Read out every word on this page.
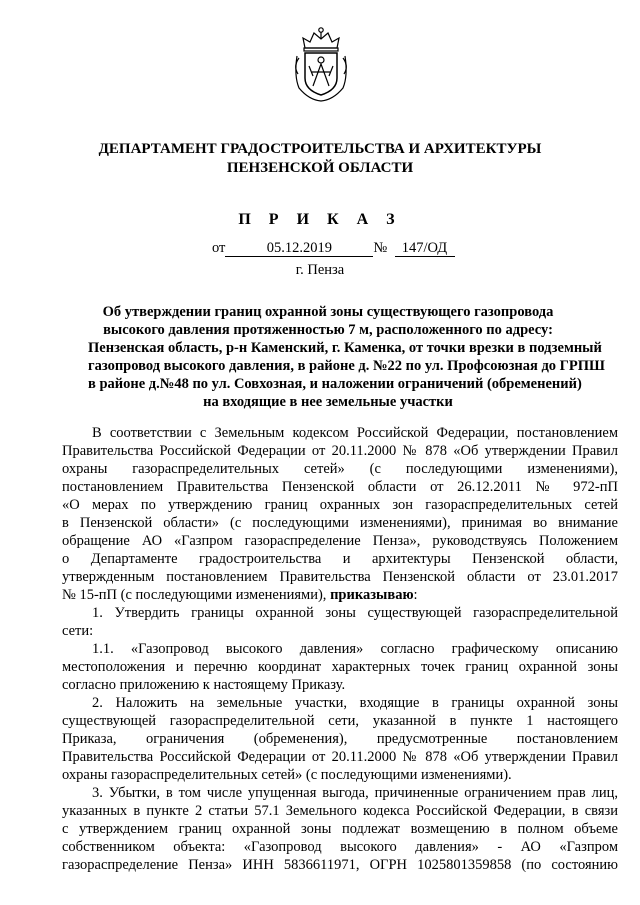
ДЕПАРТАМЕНТ ГРАДОСТРОИТЕЛЬСТВА И АРХИТЕКТУРЫ
ПЕНЗЕНСКОЙ ОБЛАСТИ
П Р И К А З
от	05.12.2019	№ 147/ОД
г. Пенза
Об утверждении границ охранной зоны существующего газопровода
высокого давления протяженностью 7 м, расположенного по адресу:
Пензенская область, р-н Каменский, г. Каменка, от точки врезки в подземный
газопровод высокого давления, в районе д. №22 по ул. Профсоюзная до ГРПШ
в районе д.№48 по ул. Совхозная, и наложении ограничений (обременений)
на входящие в нее земельные участки
В соответствии с Земельным кодексом Российской Федерации, постановлением
Правительства Российской Федерации от 20.11.2000 № 878 «Об утверждении Правил
охраны газораспределительных сетей» (с последующими изменениями),
постановлением Правительства Пензенской области от 26.12.2011 № 972-пП
«О мерах по утверждению границ охранных зон газораспределительных сетей
в Пензенской области» (с последующими изменениями), принимая во внимание
обращение АО «Газпром газораспределение Пенза», руководствуясь Положением
о Департаменте градостроительства и архитектуры Пензенской области,
утвержденным постановлением Правительства Пензенской области от 23.01.2017
№ 15-пП (с последующими изменениями), приказываю:
1. Утвердить границы охранной зоны существующей газораспределительной
сети:
1.1. «Газопровод высокого давления» согласно графическому описанию
местоположения и перечню координат характерных точек границ охранной зоны
согласно приложению к настоящему Приказу.
2. Наложить на земельные участки, входящие в границы охранной зоны
существующей газораспределительной сети, указанной в пункте 1 настоящего
Приказа, ограничения (обременения), предусмотренные постановлением
Правительства Российской Федерации от 20.11.2000 № 878 «Об утверждении Правил
охраны газораспределительных сетей» (с последующими изменениями).
3. Убытки, в том числе упущенная выгода, причиненные ограничением прав лиц,
указанных в пункте 2 статьи 57.1 Земельного кодекса Российской Федерации, в связи
с утверждением границ охранной зоны подлежат возмещению в полном объеме
собственником объекта: «Газопровод высокого давления» - АО «Газпром
газораспределение Пенза» ИНН 5836611971, ОГРН 1025801359858 (по состоянию
